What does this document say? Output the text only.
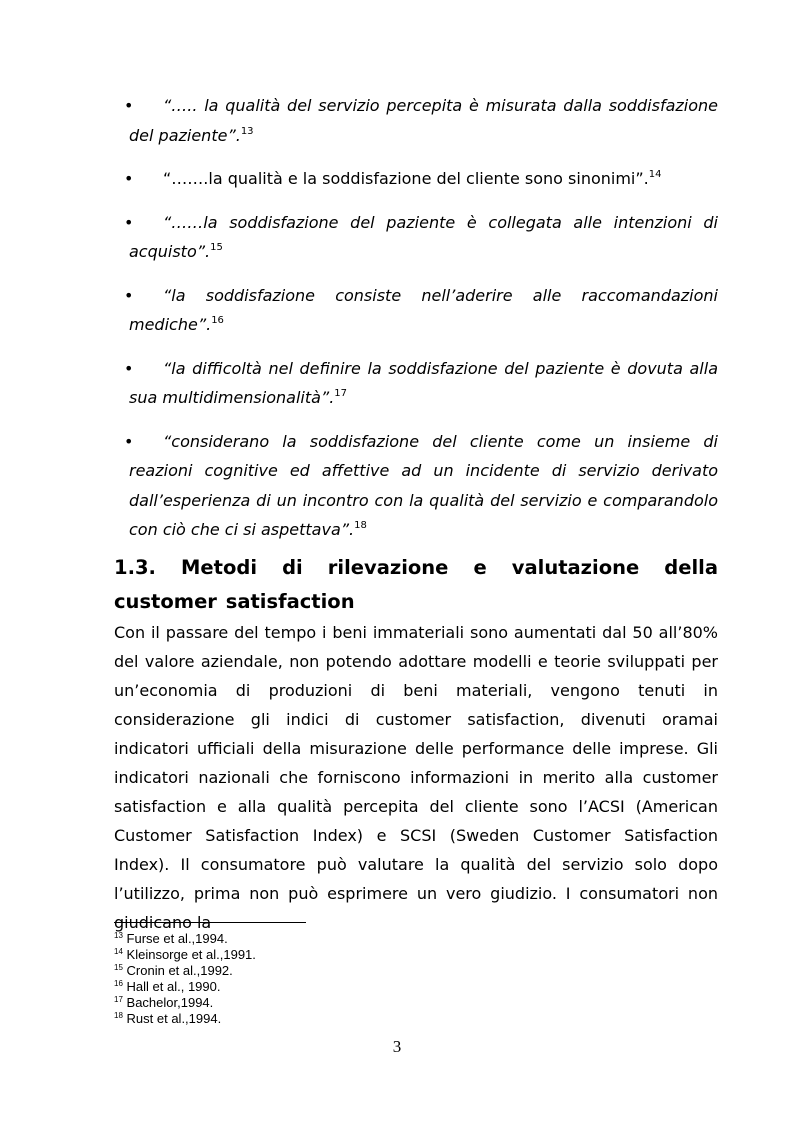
•	“….. la qualità del servizio percepita è misurata dalla soddisfazione del paziente”.$^{13}$
•	“…….la qualità e la soddisfazione del cliente sono sinonimi”.$^{14}$
•	“……la soddisfazione del paziente è collegata alle intenzioni di acquisto”.$^{15}$
•	“la soddisfazione consiste nell’aderire alle raccomandazioni mediche”.$^{16}$
•	“la difficoltà nel definire la soddisfazione del paziente è dovuta alla sua multidimensionalità”.$^{17}$
•	“considerano la soddisfazione del cliente come un insieme di reazioni cognitive ed affettive ad un incidente di servizio derivato dall’esperienza di un incontro con la qualità del servizio e comparandolo con ciò che ci si aspettava”.$^{18}$
1.3. Metodi di rilevazione e valutazione della customer satisfaction

Con il passare del tempo i beni immateriali sono aumentati dal 50 all’80% del valore aziendale, non potendo adottare modelli e teorie sviluppati per un’economia di produzioni di beni materiali, vengono tenuti in considerazione gli indici di customer satisfaction, divenuti oramai indicatori ufficiali della misurazione delle performance delle imprese. Gli indicatori nazionali che forniscono informazioni in merito alla customer satisfaction e alla qualità percepita del cliente sono l’ACSI (American Customer Satisfaction Index) e SCSI (Sweden Customer Satisfaction Index). Il consumatore può valutare la qualità del servizio solo dopo l’utilizzo, prima non può esprimere un vero giudizio. I consumatori non giudicano la

$^{13}$ Furse et al.,1994.
$^{14}$ Kleinsorge et al.,1991.
$^{15}$ Cronin et al.,1992.
$^{16}$ Hall et al., 1990.
$^{17}$ Bachelor,1994.
$^{18}$ Rust et al.,1994.
3
